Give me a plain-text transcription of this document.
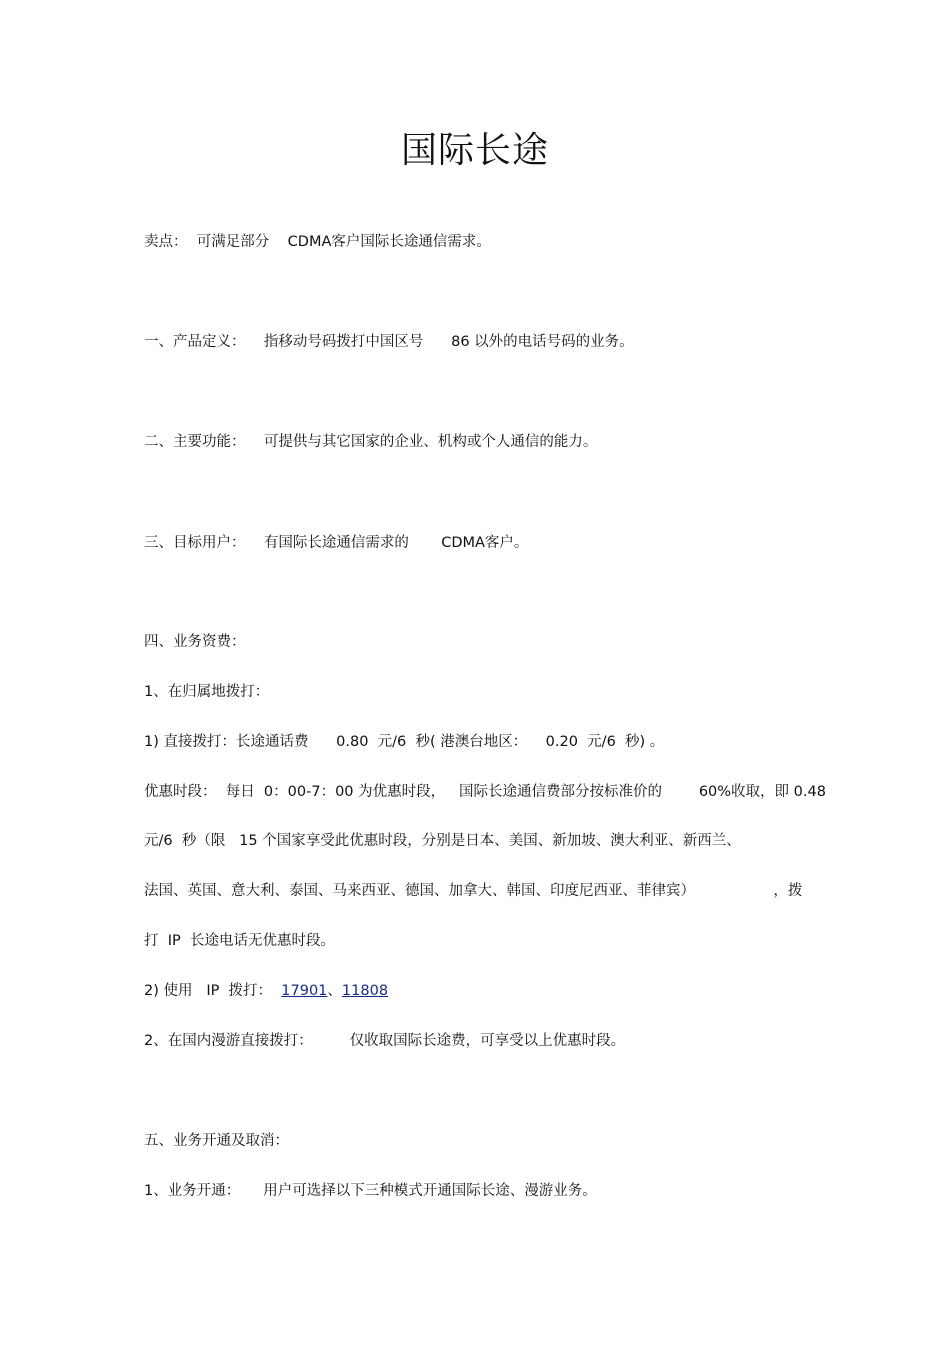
国际长途

卖点：  可满足部分    CDMA客户国际长途通信需求。

一、产品定义：    指移动号码拨打中国区号      86 以外的电话号码的业务。

二、主要功能：    可提供与其它国家的企业、机构或个人通信的能力。

三、目标用户：    有国际长途通信需求的       CDMA客户。

四、业务资费：

1、在归属地拨打：

1) 直接拨打：长途通话费      0.80  元/6  秒( 港澳台地区：    0.20  元/6  秒) 。

优惠时段：  每日  0：00-7：00 为优惠时段，   国际长途通信费部分按标准价的        60%收取，即 0.48

元/6  秒（限   15 个国家享受此优惠时段，分别是日本、美国、新加坡、澳大利亚、新西兰、

法国、英国、意大利、泰国、马来西亚、德国、加拿大、韩国、印度尼西亚、菲律宾）                 ，拨

打  IP  长途电话无优惠时段。

2) 使用   IP  拨打：  17901、11808

2、在国内漫游直接拨打：        仅收取国际长途费，可享受以上优惠时段。

五、业务开通及取消：

1、业务开通：     用户可选择以下三种模式开通国际长途、漫游业务。
